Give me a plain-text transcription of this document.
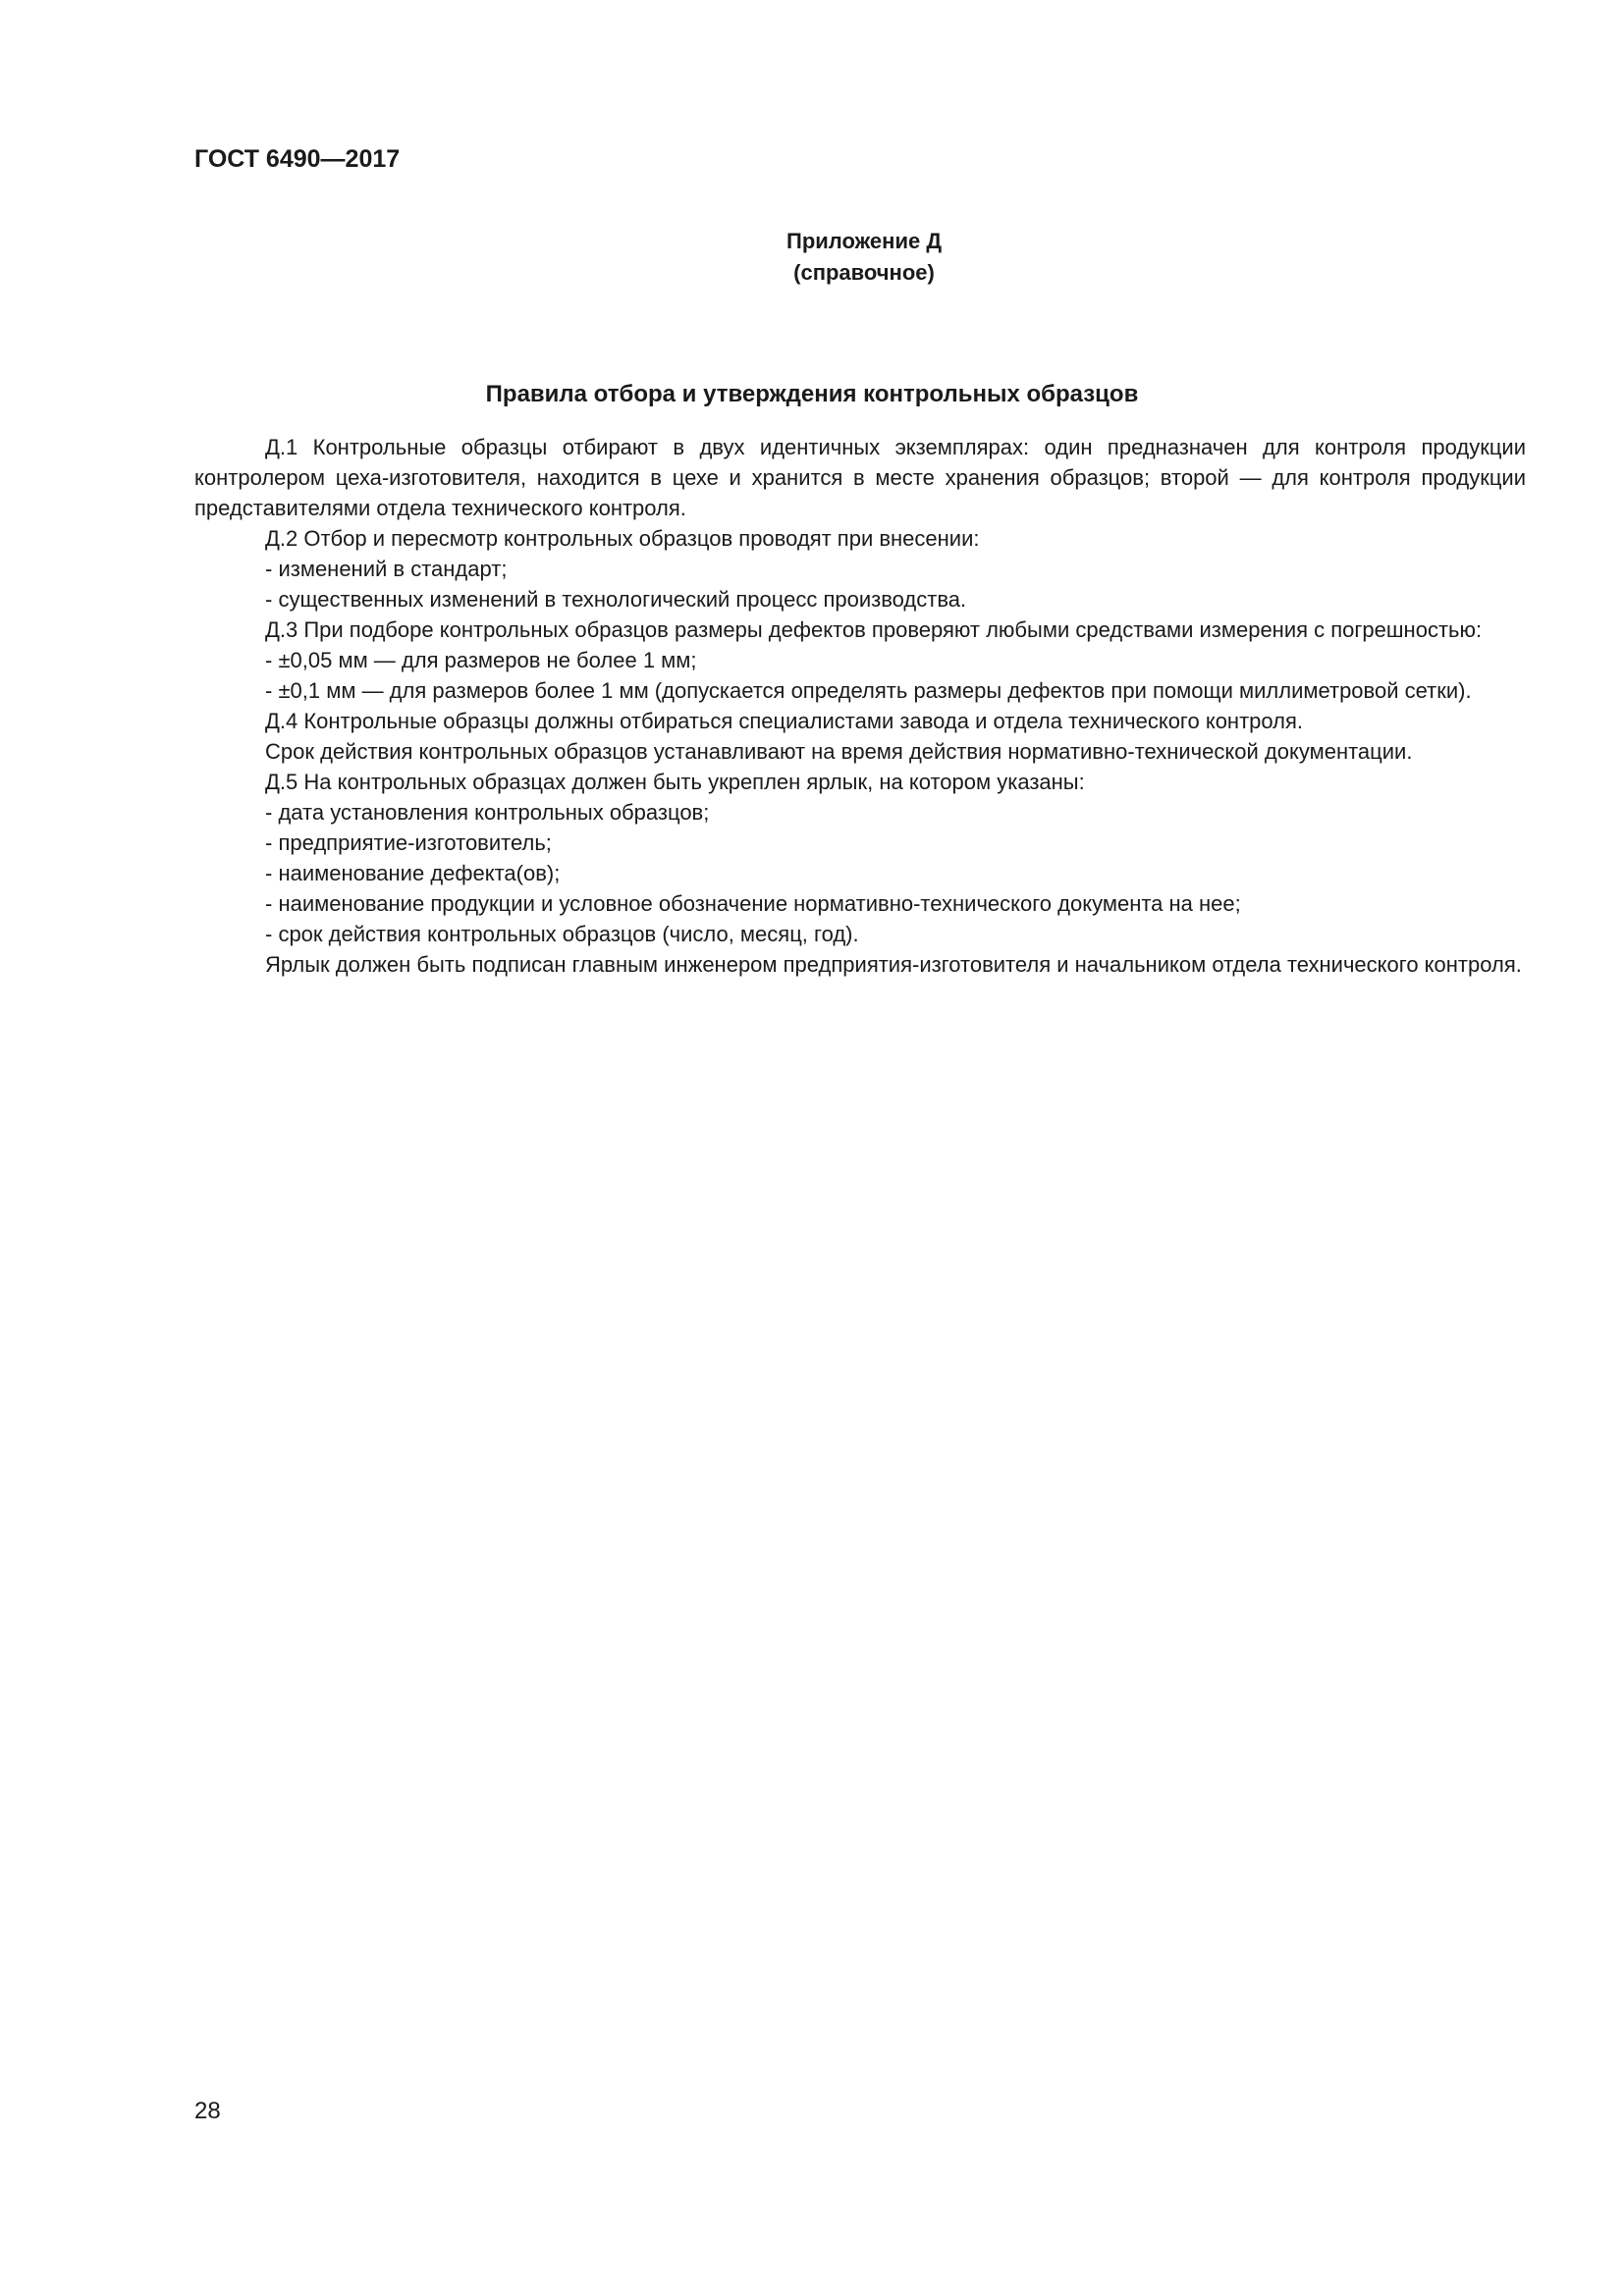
ГОСТ 6490—2017
Приложение Д
(справочное)
Правила отбора и утверждения контрольных образцов
Д.1 Контрольные образцы отбирают в двух идентичных экземплярах: один предназначен для контроля продукции контролером цеха-изготовителя, находится в цехе и хранится в месте хранения образцов; второй — для контроля продукции представителями отдела технического контроля.
Д.2 Отбор и пересмотр контрольных образцов проводят при внесении:
- изменений в стандарт;
- существенных изменений в технологический процесс производства.
Д.3 При подборе контрольных образцов размеры дефектов проверяют любыми средствами измерения с погрешностью:
- ±0,05 мм — для размеров не более 1 мм;
- ±0,1 мм — для размеров более 1 мм (допускается определять размеры дефектов при помощи миллиметровой сетки).
Д.4 Контрольные образцы должны отбираться специалистами завода и отдела технического контроля.
Срок действия контрольных образцов устанавливают на время действия нормативно-технической документации.
Д.5 На контрольных образцах должен быть укреплен ярлык, на котором указаны:
- дата установления контрольных образцов;
- предприятие-изготовитель;
- наименование дефекта(ов);
- наименование продукции и условное обозначение нормативно-технического документа на нее;
- срок действия контрольных образцов (число, месяц, год).
Ярлык должен быть подписан главным инженером предприятия-изготовителя и начальником отдела технического контроля.
28
